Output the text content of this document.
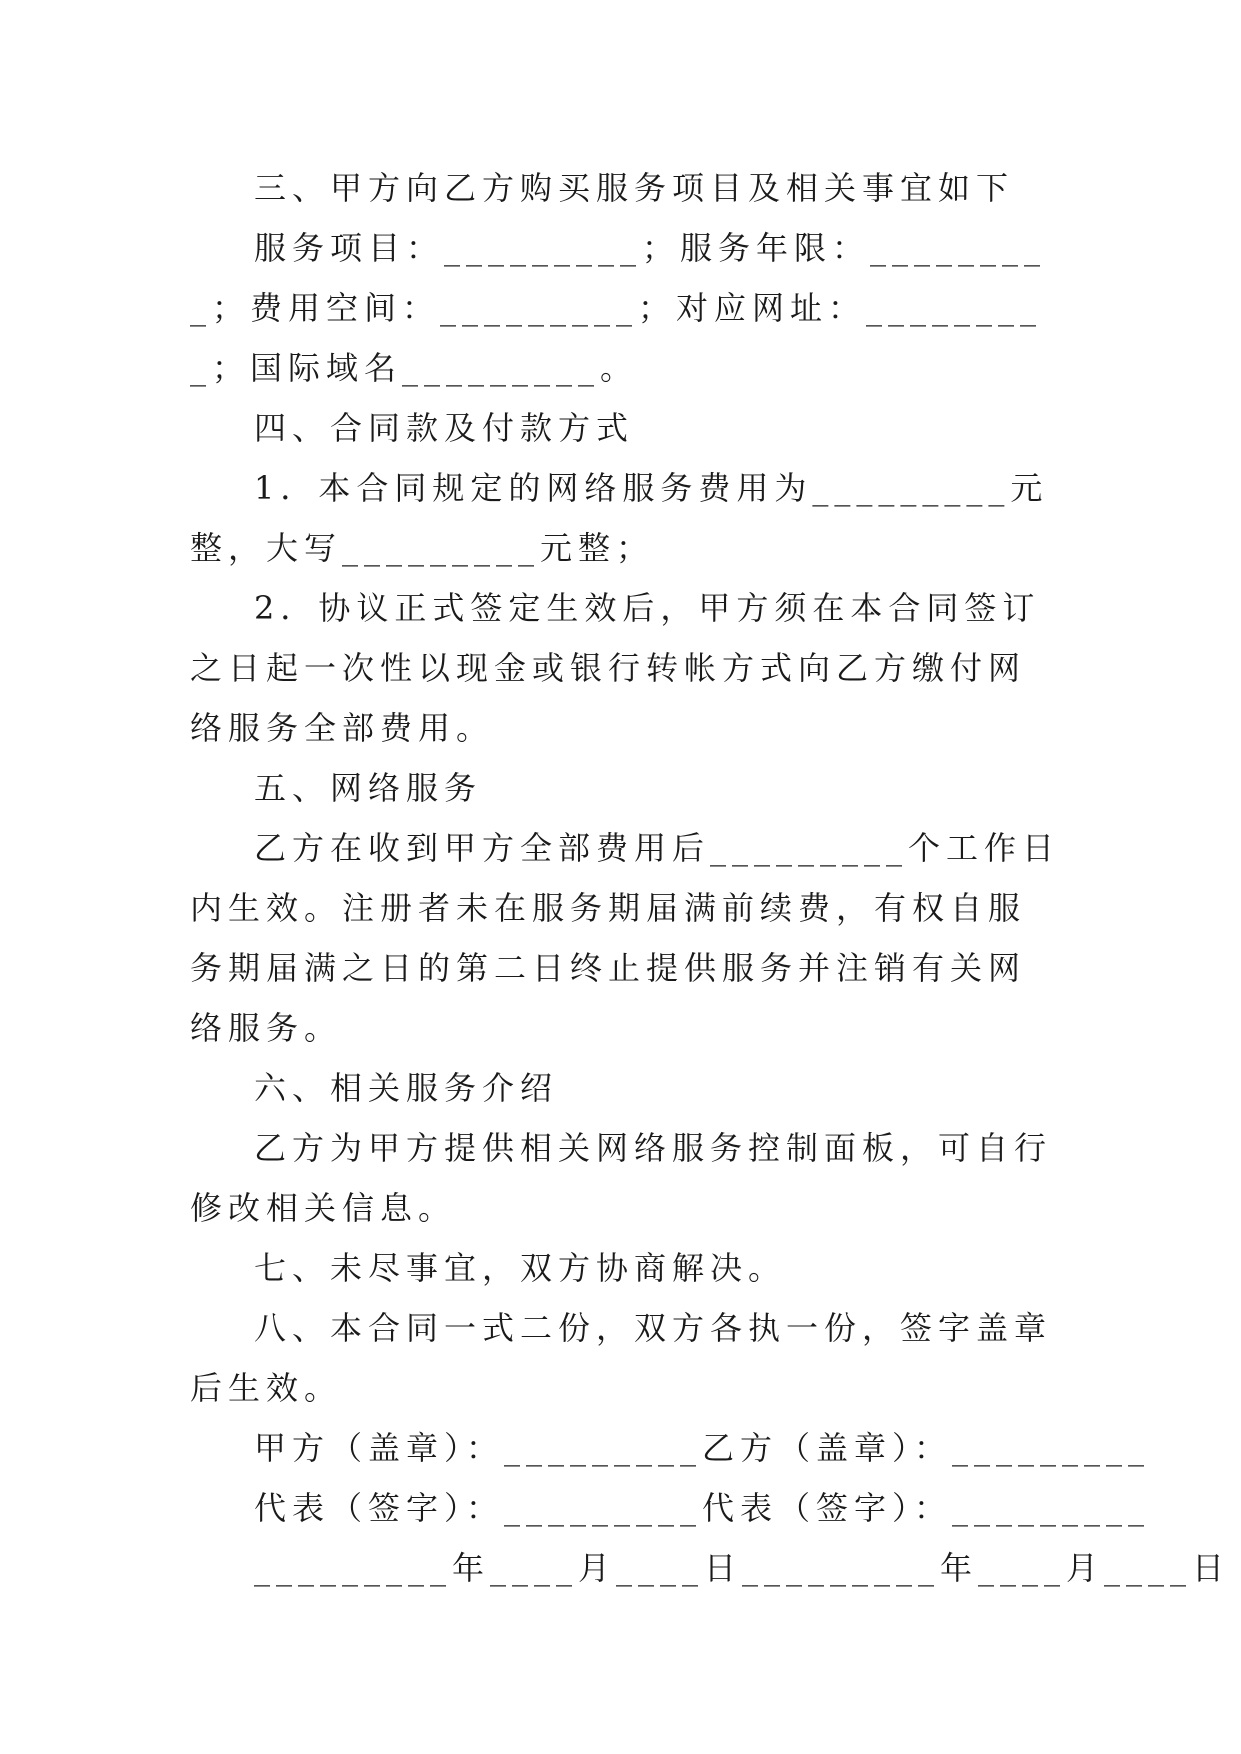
三、甲方向乙方购买服务项目及相关事宜如下

服务项目：_________；服务年限：_________；费用空间：_________；对应网址：_________；国际域名_________。

四、合同款及付款方式

1．本合同规定的网络服务费用为_________元整，大写_________元整；

2．协议正式签定生效后，甲方须在本合同签订之日起一次性以现金或银行转帐方式向乙方缴付网络服务全部费用。

五、网络服务

乙方在收到甲方全部费用后_________个工作日内生效。注册者未在服务期届满前续费，有权自服务期届满之日的第二日终止提供服务并注销有关网络服务。

六、相关服务介绍

乙方为甲方提供相关网络服务控制面板，可自行修改相关信息。

七、未尽事宜，双方协商解决。

八、本合同一式二份，双方各执一份，签字盖章后生效。

甲方（盖章）：_________乙方（盖章）：_________

代表（签字）：_________代表（签字）：_________

_________年____月____日_________年____月____日
